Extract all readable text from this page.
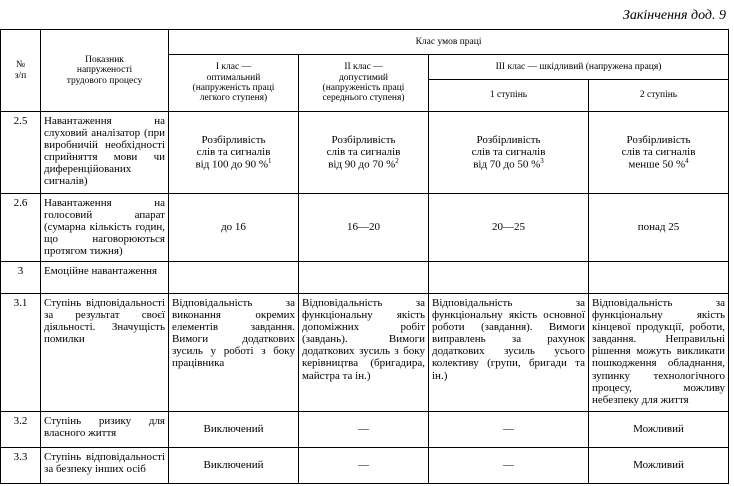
Закінчення дод. 9
№
з/п	Показник
напруженості
трудового процесу	Клас умов праці			
		І клас —
оптимальний
(напруженість праці
легкого ступеня)	ІІ клас —
допустимий
(напруженість праці
середнього ступеня)	ІІІ клас — шкідливий (напружена праця)	
				1 ступінь	2 ступінь
2.5	Навантаження на слуховий аналізатор (при виробничій необхідності сприйняття мови чи диференційованих сигналів)	Розбірливість
слів та сигналів
від 100 до 90 %$^1$	Розбірливість
слів та сигналів
від 90 до 70 %$^2$	Розбірливість
слів та сигналів
від 70 до 50 %$^3$	Розбірливість
слів та сигналів
менше 50 %$^4$
2.6	Навантаження на голосовий апарат (сумарна кількість годин, що наговорюються протягом тижня)	до 16	16—20	20—25	понад 25
3	Емоційне навантаження				
3.1	Ступінь відповідальності за результат своєї діяльності. Значущість помилки	Відповідальність за виконання окремих елементів завдання. Вимоги додаткових зусиль у роботі з боку працівника	Відповідальність за функціональну якість допоміжних робіт (завдань). Вимоги додаткових зусиль з боку керівництва (бригадира, майстра та ін.)	Відповідальність за функціональну якість основної роботи (завдання). Вимоги виправлень за рахунок додаткових зусиль усього колективу (групи, бригади та ін.)	Відповідальність за функціональну якість кінцевої продукції, роботи, завдання. Неправильні рішення можуть викликати пошкодження обладнання, зупинку технологічного процесу, можливу небезпеку для життя
3.2	Ступінь ризику для власного життя	Виключений	—	—	Можливий
3.3	Ступінь відповідальності за безпеку інших осіб	Виключений	—	—	Можливий
